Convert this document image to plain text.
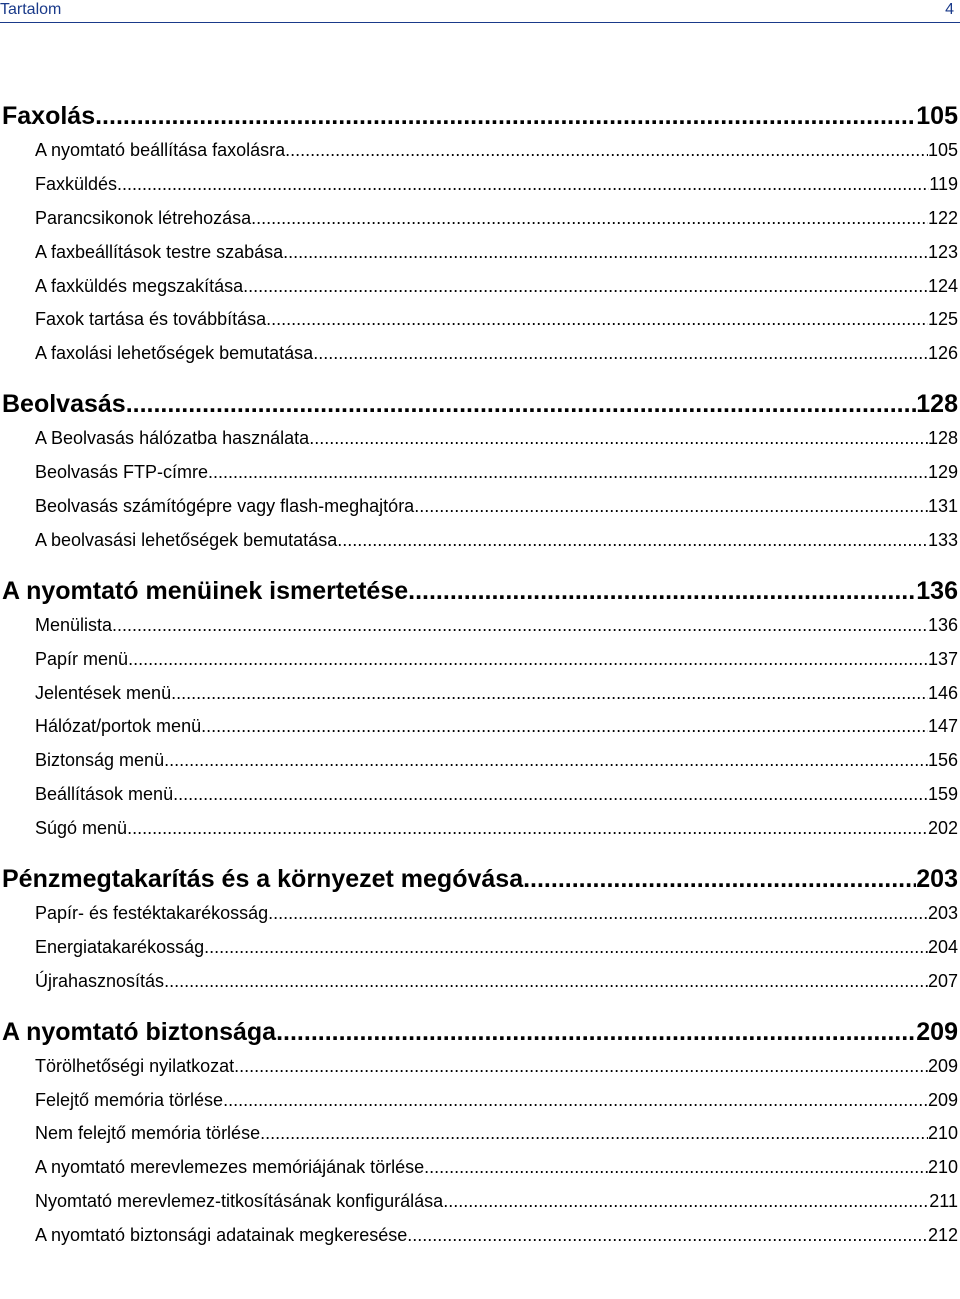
Tartalom	4
Faxolás .....	105
A nyomtató beállítása faxolásra .....	105
Faxküldés .....	119
Parancsikonok létrehozása .....	122
A faxbeállítások testre szabása .....	123
A faxküldés megszakítása .....	124
Faxok tartása és továbbítása .....	125
A faxolási lehetőségek bemutatása .....	126
Beolvasás .....	128
A Beolvasás hálózatba használata .....	128
Beolvasás FTP-címre .....	129
Beolvasás számítógépre vagy flash-meghajtóra .....	131
A beolvasási lehetőségek bemutatása .....	133
A nyomtató menüinek ismertetése .....	136
Menülista .....	136
Papír menü .....	137
Jelentések menü .....	146
Hálózat/portok menü .....	147
Biztonság menü .....	156
Beállítások menü .....	159
Súgó menü .....	202
Pénzmegtakarítás és a környezet megóvása .....	203
Papír- és festéktakarékosság .....	203
Energiatakarékosság .....	204
Újrahasznosítás .....	207
A nyomtató biztonsága .....	209
Törölhetőségi nyilatkozat .....	209
Felejtő memória törlése .....	209
Nem felejtő memória törlése .....	210
A nyomtató merevlemezes memóriájának törlése .....	210
Nyomtató merevlemez-titkosításának konfigurálása .....	211
A nyomtató biztonsági adatainak megkeresése .....	212
